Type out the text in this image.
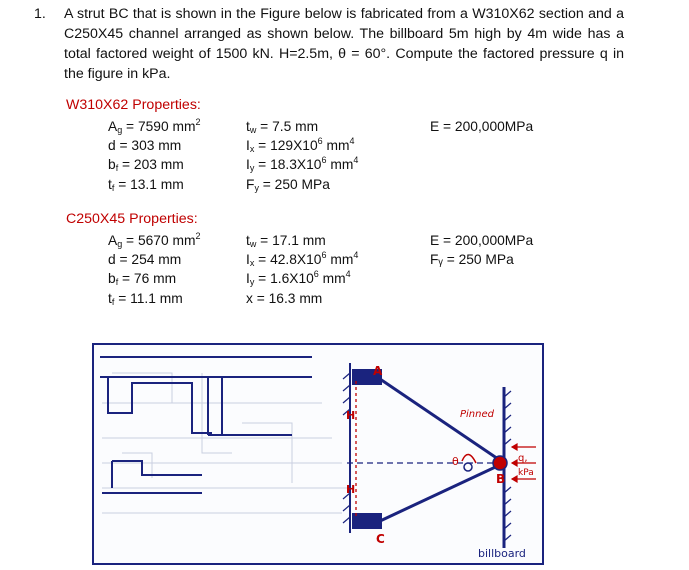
1. A strut BC that is shown in the Figure below is fabricated from a W310X62 section and a C250X45 channel arranged as shown below. The billboard 5m high by 4m wide has a total factored weight of 1500 kN. H=2.5m, θ = 60°. Compute the factored pressure q in the figure in kPa.
W310X62 Properties:
$A_g = 7590$ $mm^2$
d = 303 mm
$b_f = 203$ mm
$t_f = 13.1$ mm
$t_w = 7.5$ mm
$I_x = 129X10^6$ $mm^4$
$I_y = 18.3X10^6$ $mm^4$
$F_y = 250$ MPa
E = 200,000MPa
C250X45 Properties:
$A_g = 5670$ $mm^2$
d = 254 mm
$b_f = 76$ mm
$t_f = 11.1$ mm
$t_w = 17.1$ mm
$I_x = 42.8X10^6$ $mm^4$
$I_y = 1.6X10^6$ $mm^4$
x = 16.3 mm
E = 200,000MPa
Fᵧ = 250 MPa
A
B
C
H
H
θ
Pinned
q,
kPa
billboard
